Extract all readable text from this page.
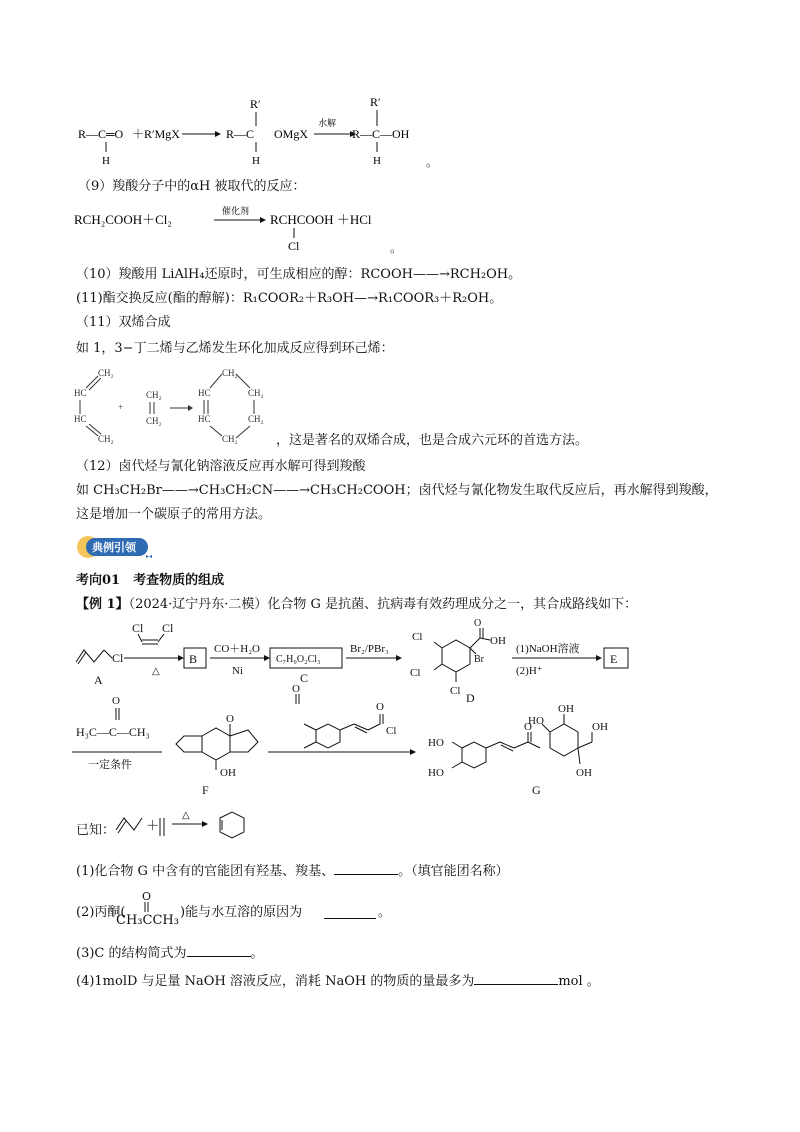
R—C ═O ＋R′MgX
H
R′
R—C OMgX
H
水解
R′
R—C—OH
H	。
（9）羧酸分子中的αH 被取代的反应：
RCH₂COOH＋Cl₂
催化剂
RCHCOOH ＋HCl
Cl	。
（10）羧酸用 LiAlH₄还原时，可生成相应的醇：RCOOH——→RCH₂OH。
(11)酯交换反应(酯的醇解)：R₁COOR₂＋R₃OH—→R₁COOR₃＋R₂OH。
（11）双烯合成
如 1，3−丁二烯与乙烯发生环化加成反应得到环己烯：
CH₂
HC
HC
CH₂
+
CH₂
CH₂
CH₂
HC
HC
CH₂
CH₂
CH₂	，这是著名的双烯合成，也是合成六元环的首选方法。
（12）卤代烃与氰化钠溶液反应再水解可得到羧酸
如 CH₃CH₂Br——→CH₃CH₂CN——→CH₃CH₂COOH；卤代烃与氰化物发生取代反应后，再水解得到羧酸，
这是增加一个碳原子的常用方法。
典例引领
▸◂
考向01　考查物质的组成
【例 1】（2024·辽宁丹东·二模）化合物 G 是抗菌、抗病毒有效药理成分之一，其合成路线如下：
Cl
A
Cl Cl
△
B
CO＋H₂O
Ni
C₇H₉O₂Cl₃
C
Br₂/PBr₃
Cl
Cl
Cl
O
OH
Br
D
(1)NaOH溶液
(2)H⁺
E
O
H₃C—C—CH₃
一定条件
O
OH
F
O
O
Cl
HO
HO
O
HO
OH
OH
OH
G
已知： ＋
△
(1)化合物 G 中含有的官能团有羟基、羧基、	。（填官能团名称）
(2)丙酮(
O
CH₃CCH₃
)能与水互溶的原因为	。
(3)C 的结构简式为	。
(4)1molD 与足量 NaOH 溶液反应，消耗 NaOH 的物质的量最多为	mol 。
